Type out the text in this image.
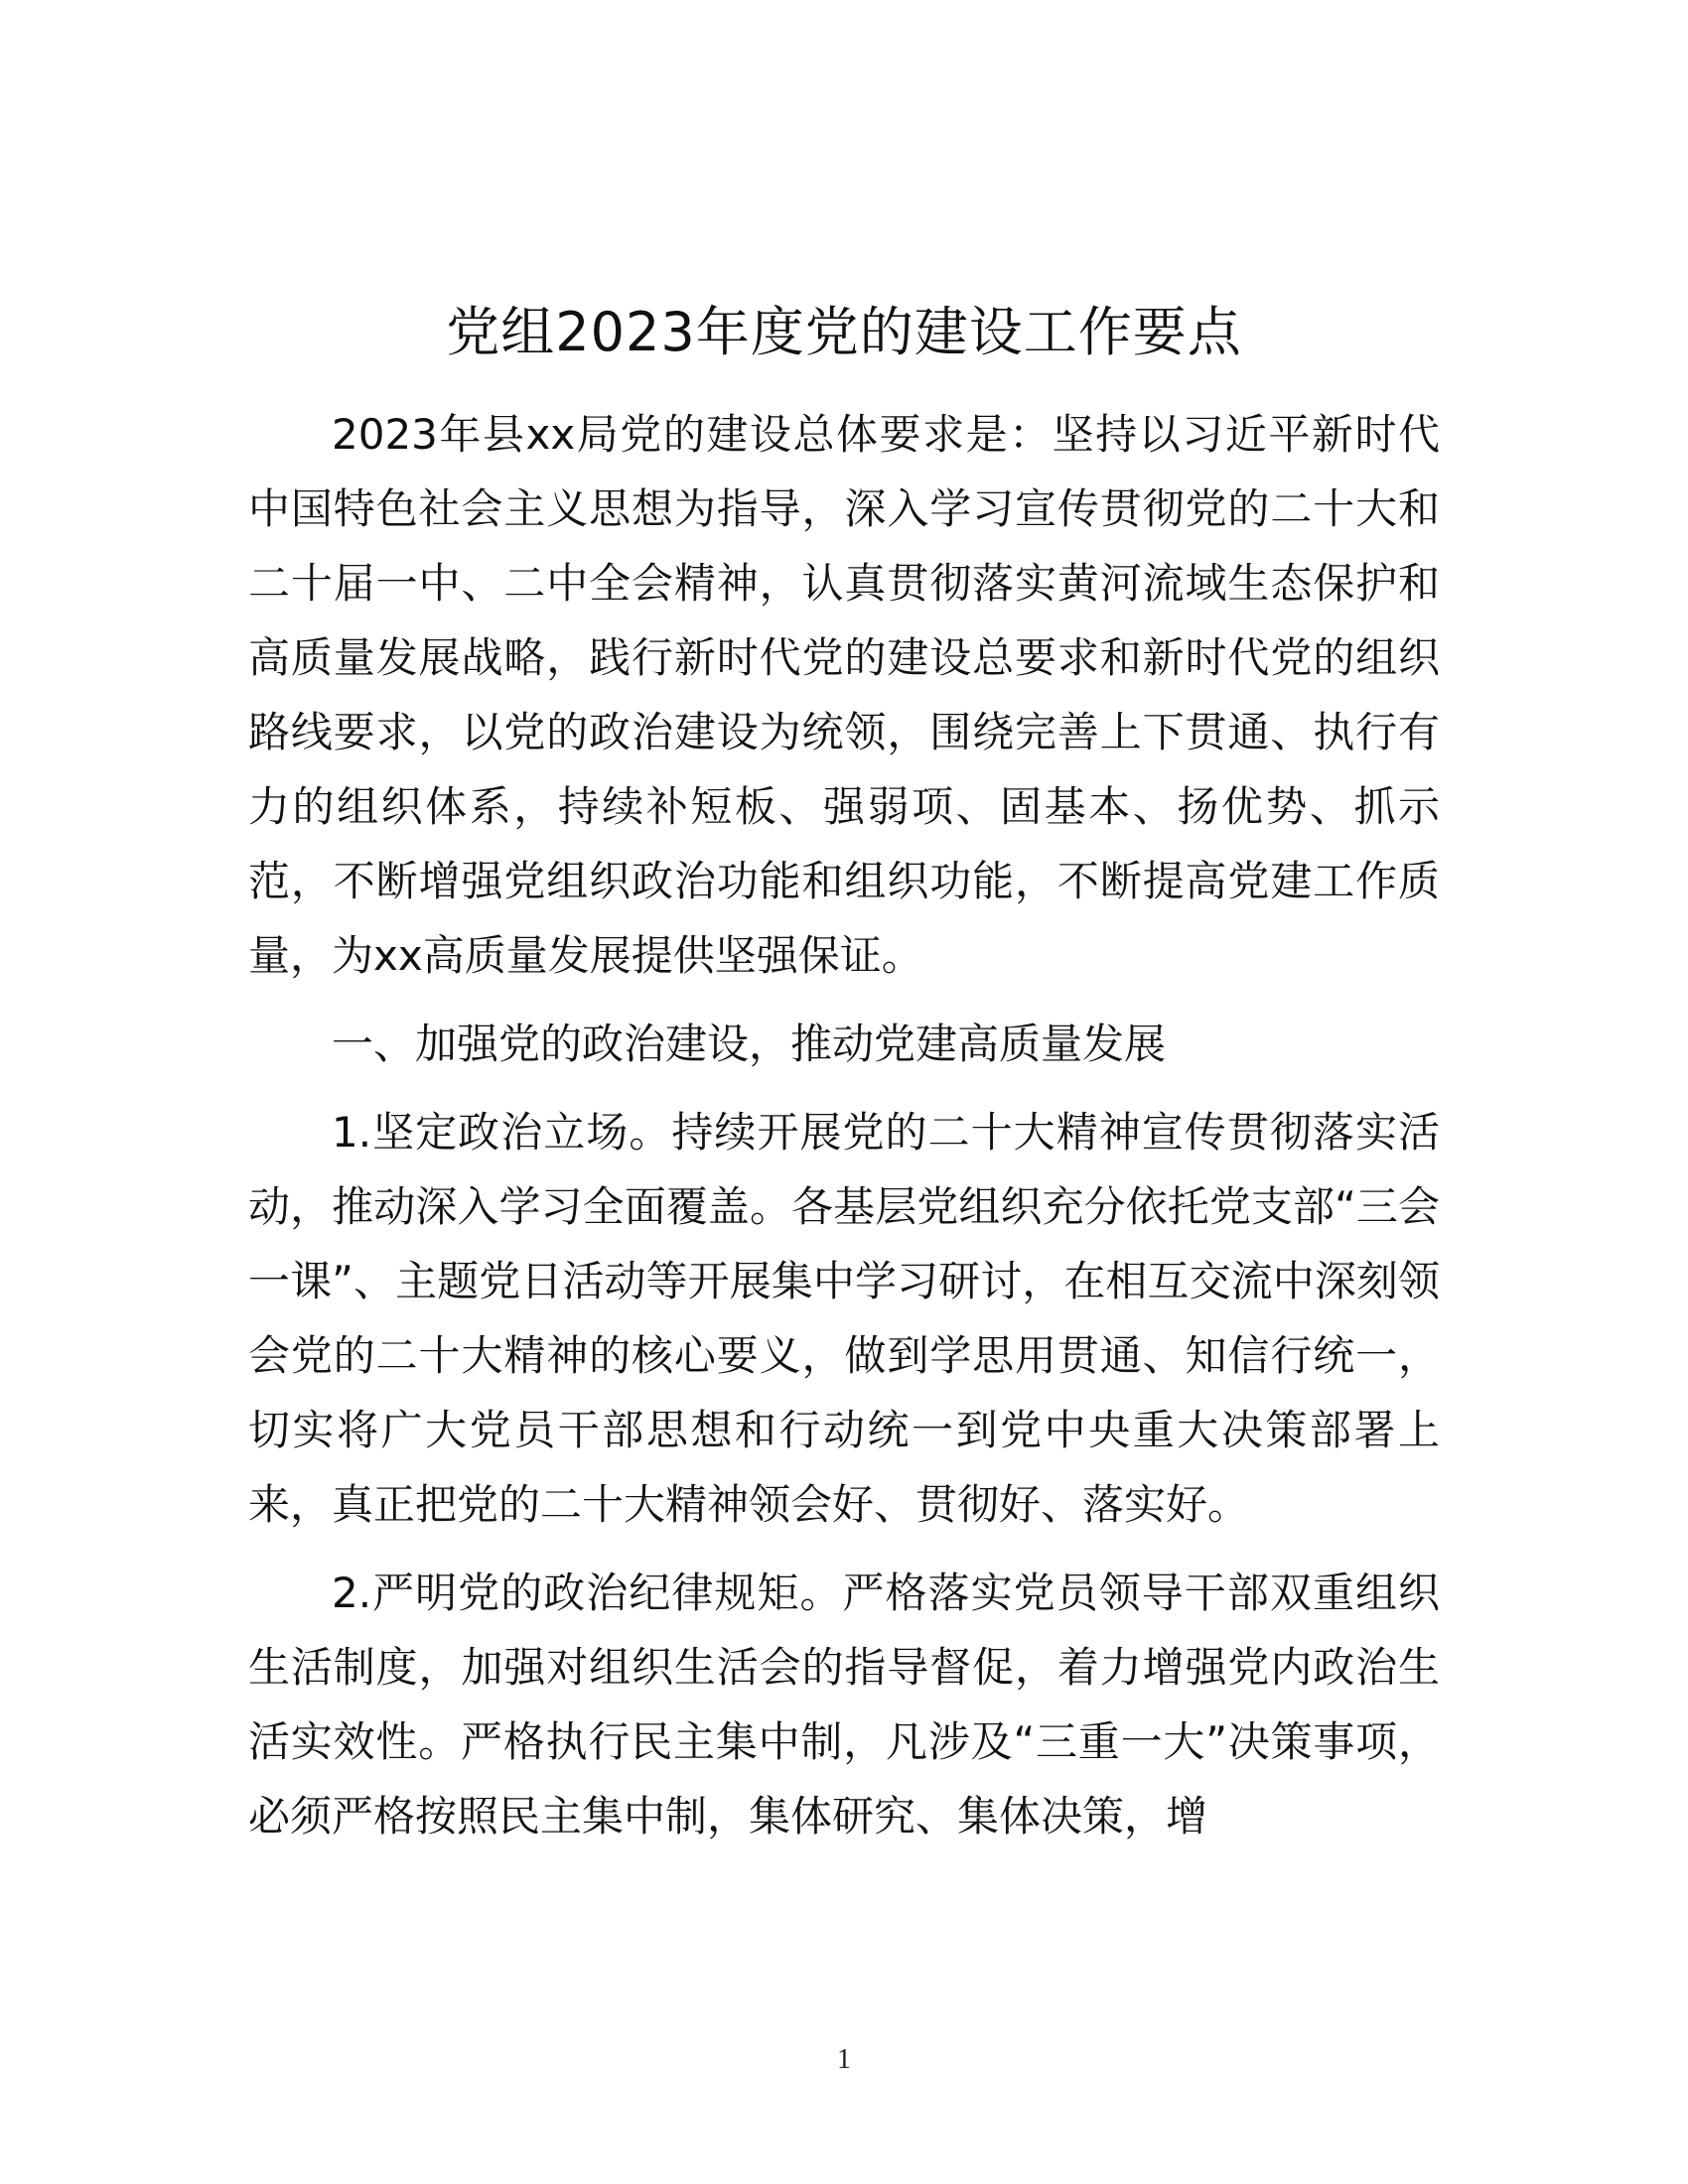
党组2023年度党的建设工作要点

2023年县xx局党的建设总体要求是：坚持以习近平新时代中国特色社会主义思想为指导，深入学习宣传贯彻党的二十大和二十届一中、二中全会精神，认真贯彻落实黄河流域生态保护和高质量发展战略，践行新时代党的建设总要求和新时代党的组织路线要求，以党的政治建设为统领，围绕完善上下贯通、执行有力的组织体系，持续补短板、强弱项、固基本、扬优势、抓示范，不断增强党组织政治功能和组织功能，不断提高党建工作质量，为xx高质量发展提供坚强保证。

一、加强党的政治建设，推动党建高质量发展

1.坚定政治立场。持续开展党的二十大精神宣传贯彻落实活动，推动深入学习全面覆盖。各基层党组织充分依托党支部“三会一课”、主题党日活动等开展集中学习研讨，在相互交流中深刻领会党的二十大精神的核心要义，做到学思用贯通、知信行统一，切实将广大党员干部思想和行动统一到党中央重大决策部署上来，真正把党的二十大精神领会好、贯彻好、落实好。

2.严明党的政治纪律规矩。严格落实党员领导干部双重组织生活制度，加强对组织生活会的指导督促，着力增强党内政治生活实效性。严格执行民主集中制，凡涉及“三重一大”决策事项，必须严格按照民主集中制，集体研究、集体决策，增

1
